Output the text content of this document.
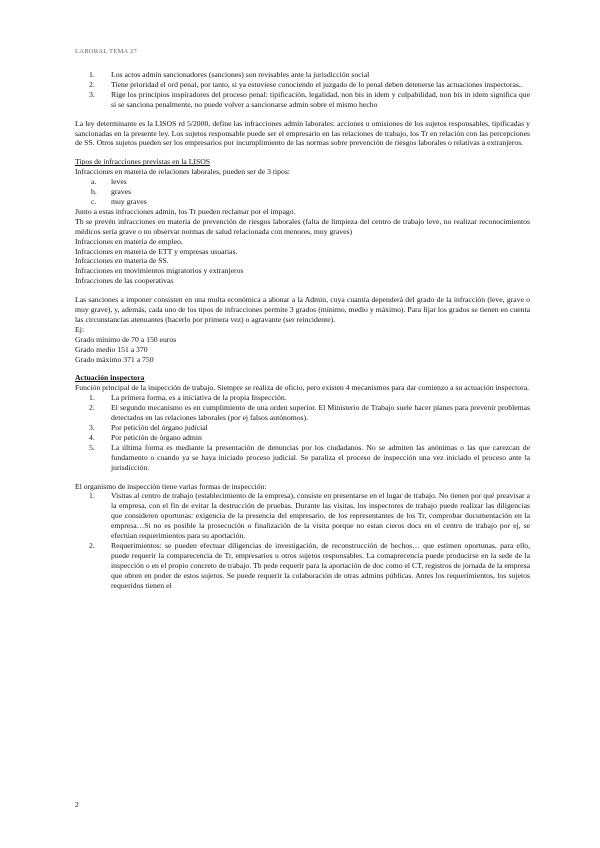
LABORAL TEMA 27
1. Los actos admin sancionadores (sanciones) son revisables ante la jurisdicción social
2. Tiene prioridad el ord penal, por tanto, si ya estuviese conociendo el juzgado de lo penal deben detenerse las actuaciones inspectoras..
3. Rige los principios inspiradores del proceso penal: tipificación, legalidad, non bis in idem y culpabilidad, non bis in idem significa que si se sanciona penalmente, no puede volver a sancionarse admin sobre el mismo hecho

La ley determinante es la LISOS rd 5/2000, define las infracciones admin laborales: acciones u omisiones de los sujetos responsables, tipificadas y sancionadas en la presente ley. Los sujetos responsable puede ser el empresario en las relaciones de trabajo, los Tr en relación con las percepciones de SS. Otros sujetos pueden ser los empresarios por incumplimiento de las normas sobre prevención de riesgos laborales o relativas a extranjeros.

Tipos de infracciones previstas en la LISOS

Infracciones en materia de relaciones laborales, pueden ser de 3 tipos:

a. leves
b. graves
c. muy graves

Junto a estas infracciones admin, los Tr pueden reclamar por el impago.

Tb se prevén infracciones en materia de prevención de riesgos laborales (falta de limpieza del centro de trabajo leve, no realizar reconocimientos médicos sería grave o no observar normas de salud relacionada con menores, muy graves)

Infracciones en materia de empleo.

Infracciones en materia de ETT y empresas usuarias.

Infracciones en materia de SS.

Infracciones en movimientos migratorios y extranjeros

Infracciones de las cooperativas

Las sanciones a imponer consisten en una multa económica a abonar a la Admin, cuya cuantía dependerá del grado de la infracción (leve, grave o muy grave), y, además, cada uno de los tipos de infracciones permite 3 grados (mínimo, medio y máximo). Para fijar los grados se tienen en cuenta las circunstancias atenuantes (hacerlo por primera vez) o agravante (ser reincidente).

Ej:

Grado mínimo de 70 a 150 euros

Grado medio 151 a 370

Grado máximo 371 a 750

Actuación inspectora

Función principal de la inspección de trabajo. Siempre se realiza de oficio, pero existen 4 mecanismos para dar comienzo a su actuación inspectora.

1. La primera forma, es a iniciativa de la propia Inspección.
2. El segundo mecanismo es en cumplimiento de una orden superior. El Ministerio de Trabajo suele hacer planes para prevenir problemas detectados en las relaciones laborales (por ej falsos autónomos).
3. Por petición del órgano judicial
4. Por petición de órgano admin
5. La última forma es mediante la presentación de denuncias por los ciudadanos. No se admiten las anónimas o las que carezcan de fundamento o cuando ya se haya iniciado proceso judicial. Se paraliza el proceso de inspección una vez iniciado el proceso ante la jurisdicción.

El organismo de inspección tiene varias formas de inspección:

1. Visitas al centro de trabajo (establecimiento de la empresa), consiste en presentarse en el lugar de trabajo. No tienen por qué preavisar a la empresa, con el fin de evitar la destrucción de pruebas. Durante las visitas, los inspectores de trabajo puede realizar las diligencias que consideren oportunas: exigencia de la presencia del empresario, de los representantes de los Tr, comprobar documentación en la empresa…Si no es posible la prosecución o finalización de la visita porque no estan cieros docs en el centro de trabajo por ej, se efectúan requerimientos para su aportación.
2. Requerimientos: se pueden efectuar diligencias de investigación, de reconstrucción de hechos… que estimen oportunas, para ello, puede requerir la comparecencia de Tr, empresarios u otros sujetos responsables. La comaprecencia puede producirse en la sede de la inspección o en el propio concreto de trabajo. Tb pede requerir para la aportación de doc como el CT, registros de jornada de la empresa que obren en poder de estos sujetos. Se puede requerir la colaboración de otras admins públicas. Antes los requerimientos, los sujetos requeridos tienen el
2
